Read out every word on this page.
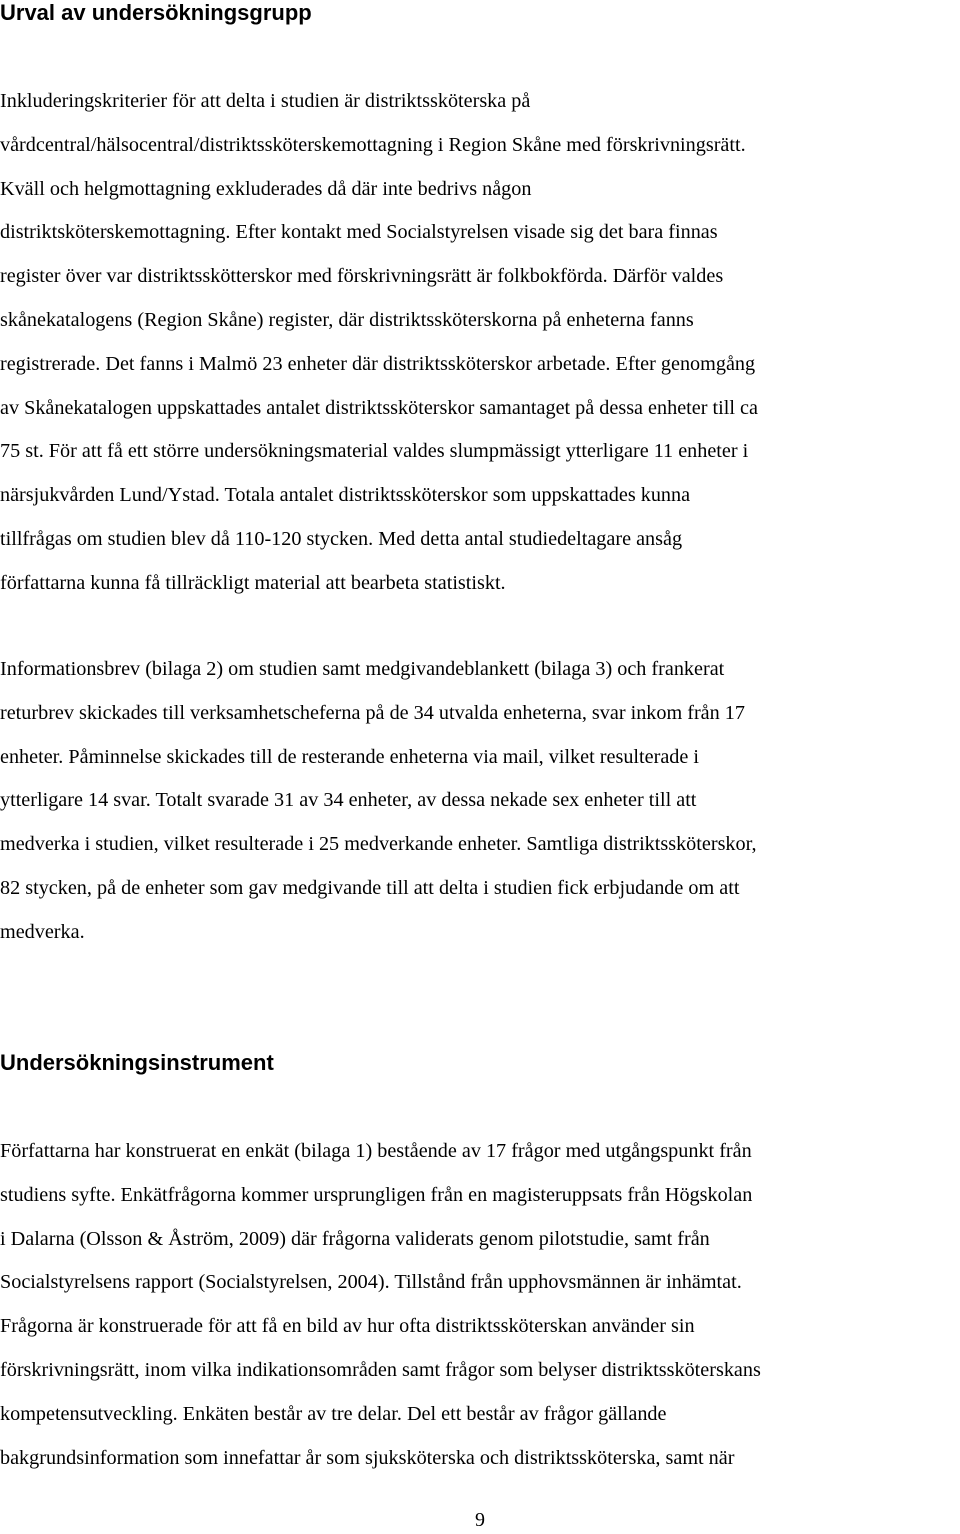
Urval av undersökningsgrupp

Inkluderingskriterier för att delta i studien är distriktssköterska på
vårdcentral/hälsocentral/distriktssköterskemottagning i Region Skåne med förskrivningsrätt.
Kväll och helgmottagning exkluderades då där inte bedrivs någon
distriktsköterskemottagning. Efter kontakt med Socialstyrelsen visade sig det bara finnas
register över var distriktsskötterskor med förskrivningsrätt är folkbokförda. Därför valdes
skånekatalogens (Region Skåne) register, där distriktssköterskorna på enheterna fanns
registrerade. Det fanns i Malmö 23 enheter där distriktssköterskor arbetade. Efter genomgång
av Skånekatalogen uppskattades antalet distriktssköterskor samantaget på dessa enheter till ca
75 st. För att få ett större undersökningsmaterial valdes slumpmässigt ytterligare 11 enheter i
närsjukvården Lund/Ystad. Totala antalet distriktssköterskor som uppskattades kunna
tillfrågas om studien blev då 110-120 stycken. Med detta antal studiedeltagare ansåg
författarna kunna få tillräckligt material att bearbeta statistiskt.

Informationsbrev (bilaga 2) om studien samt medgivandeblankett (bilaga 3) och frankerat
returbrev skickades till verksamhetscheferna på de 34 utvalda enheterna, svar inkom från 17
enheter. Påminnelse skickades till de resterande enheterna via mail, vilket resulterade i
ytterligare 14 svar. Totalt svarade 31 av 34 enheter, av dessa nekade sex enheter till att
medverka i studien, vilket resulterade i 25 medverkande enheter. Samtliga distriktssköterskor,
82 stycken, på de enheter som gav medgivande till att delta i studien fick erbjudande om att
medverka.

Undersökningsinstrument

Författarna har konstruerat en enkät (bilaga 1) bestående av 17 frågor med utgångspunkt från
studiens syfte. Enkätfrågorna kommer ursprungligen från en magisteruppsats från Högskolan
i Dalarna (Olsson & Åström, 2009) där frågorna validerats genom pilotstudie, samt från
Socialstyrelsens rapport (Socialstyrelsen, 2004). Tillstånd från upphovsmännen är inhämtat.
Frågorna är konstruerade för att få en bild av hur ofta distriktssköterskan använder sin
förskrivningsrätt, inom vilka indikationsområden samt frågor som belyser distriktssköterskans
kompetensutveckling. Enkäten består av tre delar. Del ett består av frågor gällande
bakgrundsinformation som innefattar år som sjuksköterska och distriktssköterska, samt när

9
